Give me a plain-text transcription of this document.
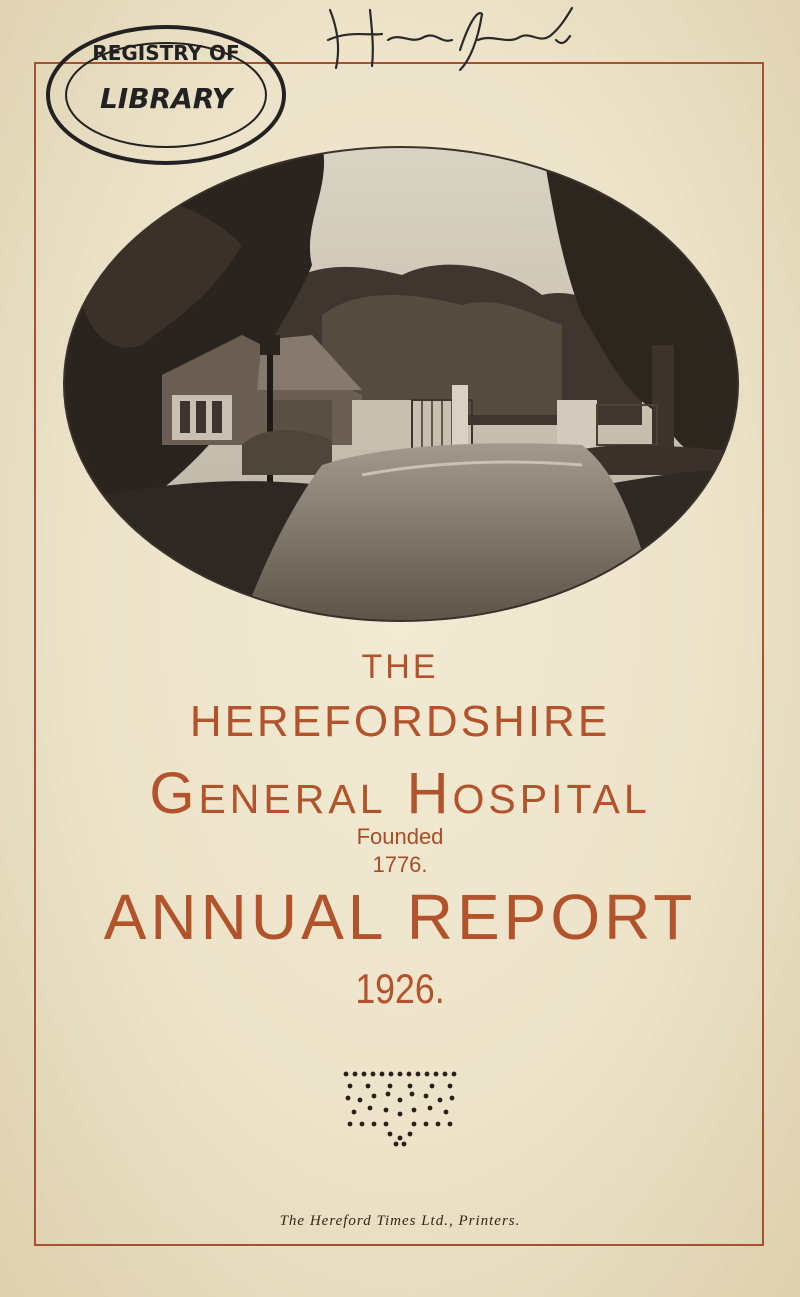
REGISTRY OF
LIBRARY
THE
HEREFORDSHIRE
General Hospital
Founded
1776.
ANNUAL REPORT
1926.
The Hereford Times Ltd., Printers.
